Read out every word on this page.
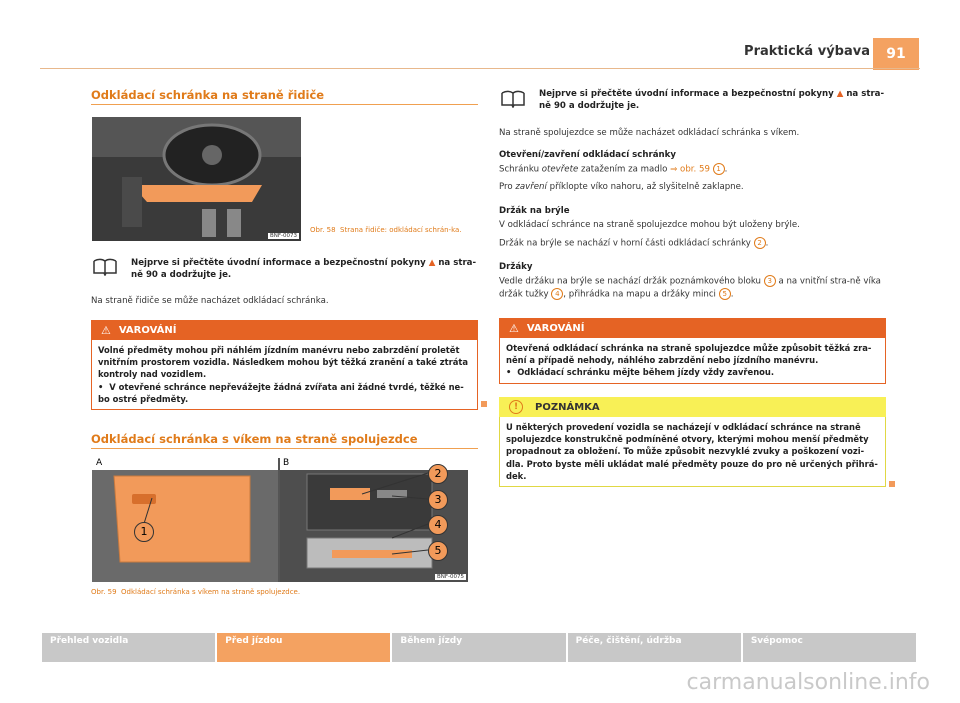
Praktická výbava	91
Odkládací schránka na straně řidiče
BNF-0073
Obr. 58 Strana řidiče: odkládací schrán-ka.
Nejprve si přečtěte úvodní informace a bezpečnostní pokyny ▲ na stra-ně 90 a dodržujte je.
Na straně řidiče se může nacházet odkládací schránka.
⚠ VAROVÁNÍ
Volné předměty mohou při náhlém jízdním manévru nebo zabrzdění proletět vnitřním prostorem vozidla. Následkem mohou být těžká zranění a také ztráta kontroly nad vozidlem.
•  V otevřené schránce nepřevážejte žádná zvířata ani žádné tvrdé, těžké ne-bo ostré předměty.
Odkládací schránka s víkem na straně spolujezdce
A	B
1
2
3
4
5
BNF-0075
Obr. 59 Odkládací schránka s víkem na straně spolujezdce.
Nejprve si přečtěte úvodní informace a bezpečnostní pokyny ▲ na stra-ně 90 a dodržujte je.
Na straně spolujezdce se může nacházet odkládací schránka s víkem.
Otevření/zavření odkládací schránky
Schránku otevřete zatažením za madlo ⇒ obr. 59 1 .
Pro zavření příklopte víko nahoru, až slyšitelně zaklapne.
Držák na brýle
V odkládací schránce na straně spolujezdce mohou být uloženy brýle.
Držák na brýle se nachází v horní části odkládací schránky 2 .
Držáky
Vedle držáku na brýle se nachází držák poznámkového bloku 3 a na vnitřní stra-ně víka držák tužky 4 , přihrádka na mapu a držáky minci 5 .
⚠ VAROVÁNÍ
Otevřená odkládací schránka na straně spolujezdce může způsobit těžká zra-nění a případě nehody, náhlého zabrzdění nebo jízdního manévru.
•  Odkládací schránku mějte během jízdy vždy zavřenou.
!	POZNÁMKA
U některých provedení vozidla se nacházejí v odkládací schránce na straně spolujezdce konstrukčně podmíněné otvory, kterými mohou menší předměty propadnout za obložení. To může způsobit nezvyklé zvuky a poškození vozi-dla. Proto byste měli ukládat malé předměty pouze do pro ně určených přihrá-dek.
Přehled vozidla	Před jízdou	Během jízdy	Péče, čištění, údržba	Svépomoc
carmanualsonline.info
